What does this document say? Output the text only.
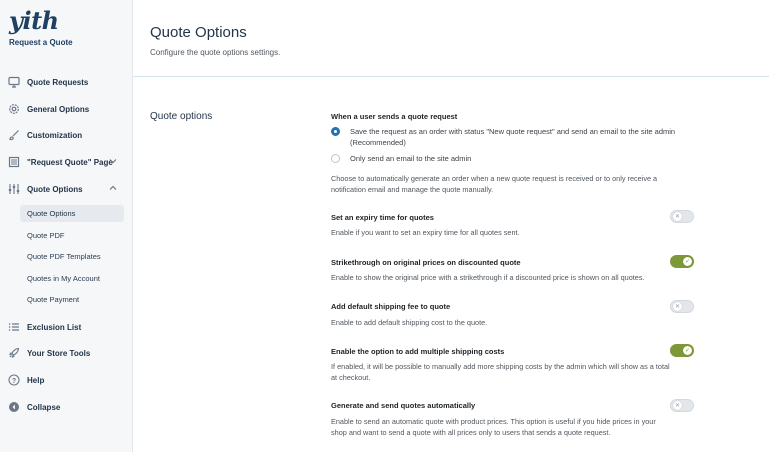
yith
Request a Quote
Quote Requests
General Options
Customization
"Request Quote" Page
Quote Options
Quote Options
Quote PDF
Quote PDF Templates
Quotes in My Account
Quote Payment
Exclusion List
Your Store Tools
? Help
Collapse
Quote Options
Configure the quote options settings.
Quote options	When a user sends a quote request
Save the request as an order with status "New quote request" and send an email to the site admin (Recommended)
Only send an email to the site admin
Choose to automatically generate an order when a new quote request is received or to only receive a notification email and manage the quote manually.
Set an expiry time for quotes
Enable if you want to set an expiry time for all quotes sent.
✕
Strikethrough on original prices on discounted quote
Enable to show the original price with a strikethrough if a discounted price is shown on all quotes.
✓
Add default shipping fee to quote
Enable to add default shipping cost to the quote.
✕
Enable the option to add multiple shipping costs
If enabled, it will be possible to manually add more shipping costs by the admin which will show as a total at checkout.
✓
Generate and send quotes automatically
Enable to send an automatic quote with product prices. This option is useful if you hide prices in your shop and want to send a quote with all prices only to users that sends a quote request.
✕
